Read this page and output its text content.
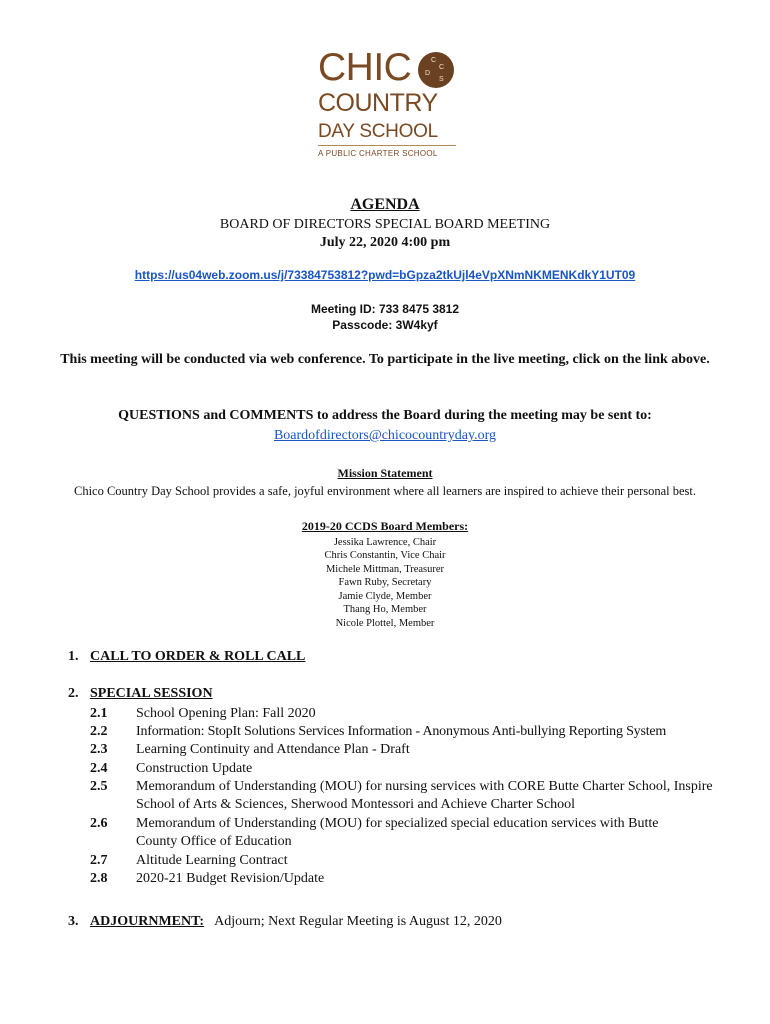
CHIC	C
C
D
S
COUNTRY
DAY SCHOOL
A PUBLIC CHARTER SCHOOL
AGENDA
BOARD OF DIRECTORS SPECIAL BOARD MEETING
July 22, 2020 4:00 pm
https://us04web.zoom.us/j/73384753812?pwd=bGpza2tkUjl4eVpXNmNKMENKdkY1UT09
Meeting ID: 733 8475 3812
Passcode: 3W4kyf
This meeting will be conducted via web conference. To participate in the live meeting, click on the link above.
QUESTIONS and COMMENTS to address the Board during the meeting may be sent to:
Boardofdirectors@chicocountryday.org
Mission Statement
Chico Country Day School provides a safe, joyful environment where all learners are inspired to achieve their personal best.
2019-20 CCDS Board Members:
Jessika Lawrence, Chair
Chris Constantin, Vice Chair
Michele Mittman, Treasurer
Fawn Ruby, Secretary
Jamie Clyde, Member
Thang Ho, Member
Nicole Plottel, Member
1. CALL TO ORDER & ROLL CALL
2. SPECIAL SESSION
2.1	School Opening Plan: Fall 2020
2.2	Information: StopIt Solutions Services Information - Anonymous Anti-bullying Reporting System
2.3	Learning Continuity and Attendance Plan - Draft
2.4	Construction Update
2.5	Memorandum of Understanding (MOU) for nursing services with CORE Butte Charter School, Inspire School of Arts & Sciences, Sherwood Montessori and Achieve Charter School
2.6	Memorandum of Understanding (MOU) for specialized special education services with Butte County Office of Education
2.7	Altitude Learning Contract
2.8	2020-21 Budget Revision/Update
3. ADJOURNMENT: Adjourn; Next Regular Meeting is August 12, 2020
